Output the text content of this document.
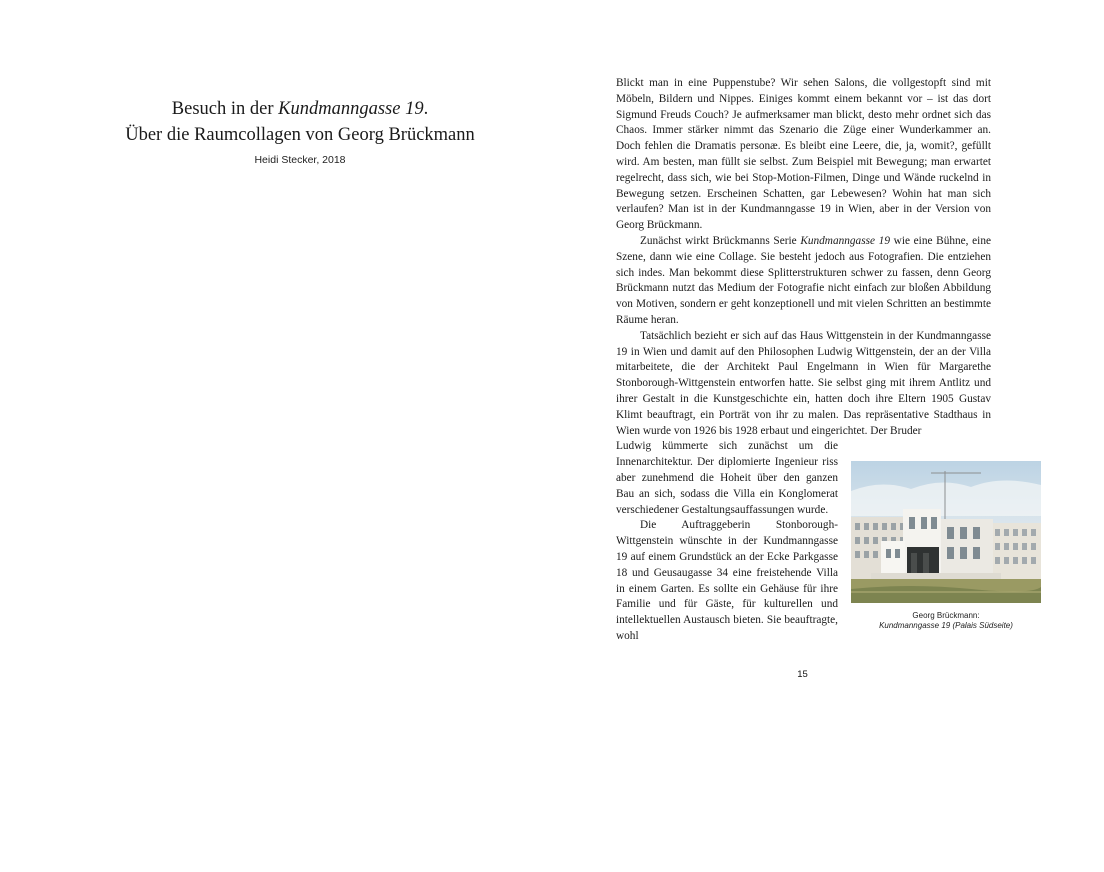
Besuch in der Kundmanngasse 19.
Über die Raumcollagen von Georg Brückmann
Heidi Stecker, 2018

Blickt man in eine Puppenstube? Wir sehen Salons, die vollgestopft sind mit Möbeln, Bildern und Nippes. Einiges kommt einem bekannt vor – ist das dort Sigmund Freuds Couch? Je aufmerksamer man blickt, desto mehr ordnet sich das Chaos. Immer stärker nimmt das Szenario die Züge einer Wunderkammer an. Doch fehlen die Dramatis personæ. Es bleibt eine Leere, die, ja, womit?, gefüllt wird. Am besten, man füllt sie selbst. Zum Beispiel mit Bewegung; man erwartet regelrecht, dass sich, wie bei Stop-Motion-Filmen, Dinge und Wände ruckelnd in Bewegung setzen. Erscheinen Schatten, gar Lebewesen? Wohin hat man sich verlaufen? Man ist in der Kundmanngasse 19 in Wien, aber in der Version von Georg Brückmann.

Zunächst wirkt Brückmanns Serie Kundmanngasse 19 wie eine Bühne, eine Szene, dann wie eine Collage. Sie besteht jedoch aus Fotografien. Die entziehen sich indes. Man bekommt diese Splitterstrukturen schwer zu fassen, denn Georg Brückmann nutzt das Medium der Fotografie nicht einfach zur bloßen Abbildung von Motiven, sondern er geht konzeptionell und mit vielen Schritten an bestimmte Räume heran.

Tatsächlich bezieht er sich auf das Haus Wittgenstein in der Kundmanngasse 19 in Wien und damit auf den Philosophen Ludwig Wittgenstein, der an der Villa mitarbeitete, die der Architekt Paul Engelmann in Wien für Margarethe Stonborough-Wittgenstein entworfen hatte. Sie selbst ging mit ihrem Antlitz und ihrer Gestalt in die Kunstgeschichte ein, hatten doch ihre Eltern 1905 Gustav Klimt beauftragt, ein Porträt von ihr zu malen. Das repräsentative Stadthaus in Wien wurde von 1926 bis 1928 erbaut und eingerichtet. Der Bruder

Ludwig kümmerte sich zunächst um die Innenarchitektur. Der diplomierte Ingenieur riss aber zunehmend die Hoheit über den ganzen Bau an sich, sodass die Villa ein Konglomerat verschiedener Gestaltungsauffassungen wurde.

Die Auftraggeberin Stonborough-Wittgenstein wünschte in der Kundmanngasse 19 auf einem Grundstück an der Ecke Parkgasse 18 und Geusaugasse 34 eine freistehende Villa in einem Garten. Es sollte ein Gehäuse für ihre Familie und für Gäste, für kulturellen und intellektuellen Austausch bieten. Sie beauftragte, wohl

Georg Brückmann:
Kundmanngasse 19 (Palais Südseite)
15
